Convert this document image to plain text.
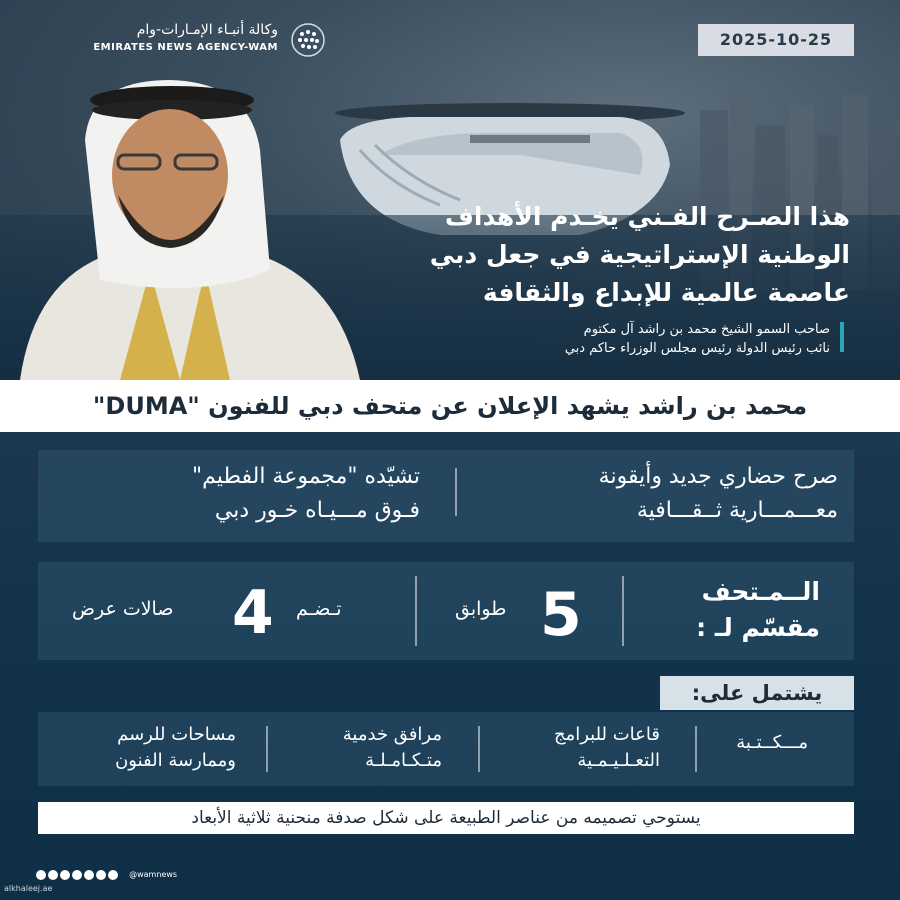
وكالة أنبـاء الإمـارات-وام
EMIRATES NEWS AGENCY-WAM	2025-10-25
هذا الصـرح الفـني يخـدم الأهداف
الوطنية الإستراتيجية في جعل دبي
عاصمة عالمية للإبداع والثقافة
صاحب السمو الشيخ محمد بن راشد آل مكتوم
نائب رئيس الدولة رئيس مجلس الوزراء حاكم دبي
محمد بن راشد يشهد الإعلان عن متحف دبي للفنون "DUMA"
صرح حضاري جديد وأيقونة
معـــمـــارية ثــقـــافية
تشيّده "مجموعة الفطيم"
فـوق مـــيـاه خـور دبي
الــمـتحف
مقسّم لـ :
5
طوابق
تـضـم
4
صالات عرض
يشتمل على:
مـــكــتـبة
قاعات للبرامج
التعـلـيـمـية
مرافق خدمية
متـكـامـلـة
مساحات للرسم
وممارسة الفنون
يستوحي تصميمه من عناصر الطبيعة على شكل صدفة منحنية ثلاثية الأبعاد
@wamnews
alkhaleej.ae
